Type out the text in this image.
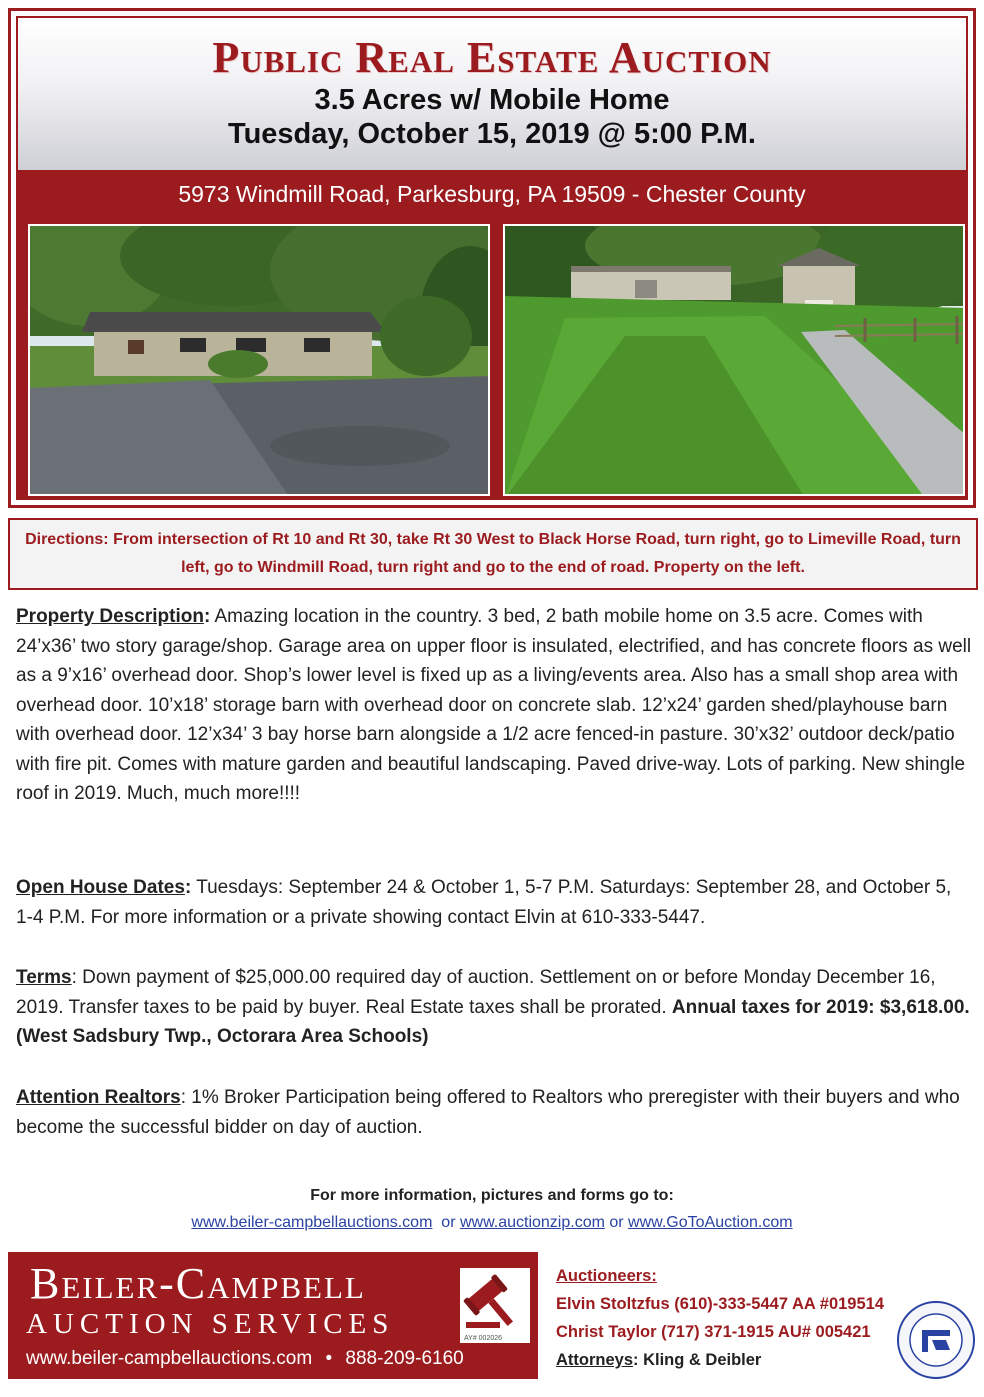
Public Real Estate Auction
3.5 Acres w/ Mobile Home
Tuesday, October 15, 2019 @ 5:00 P.M.
5973 Windmill Road, Parkesburg, PA 19509 - Chester County
Directions: From intersection of Rt 10 and Rt 30, take Rt 30 West to Black Horse Road, turn right, go to Limeville Road, turn left, go to Windmill Road, turn right and go to the end of road. Property on the left.
Property Description: Amazing location in the country. 3 bed, 2 bath mobile home on 3.5 acre. Comes with 24’x36’ two story garage/shop. Garage area on upper floor is insulated, electrified, and has concrete floors as well as a 9’x16’ overhead door. Shop’s lower level is fixed up as a living/events area. Also has a small shop area with overhead door. 10’x18’ storage barn with overhead door on concrete slab. 12’x24’ garden shed/playhouse barn with overhead door. 12’x34’ 3 bay horse barn alongside a 1/2 acre fenced-in pasture. 30’x32’ outdoor deck/patio with fire pit. Comes with mature garden and beautiful landscaping. Paved drive-way. Lots of parking. New shingle roof in 2019. Much, much more!!!!
Open House Dates: Tuesdays: September 24 & October 1, 5-7 P.M. Saturdays: September 28, and October 5, 1-4 P.M. For more information or a private showing contact Elvin at 610-333-5447.
Terms: Down payment of $25,000.00 required day of auction. Settlement on or before Monday December 16, 2019. Transfer taxes to be paid by buyer. Real Estate taxes shall be prorated. Annual taxes for 2019: $3,618.00. (West Sadsbury Twp., Octorara Area Schools)
Attention Realtors: 1% Broker Participation being offered to Realtors who preregister with their buyers and who become the successful bidder on day of auction.
For more information, pictures and forms go to:
www.beiler-campbellauctions.com  or www.auctionzip.com or www.GoToAuction.com
Beiler-Campbell
AUCTION SERVICES
www.beiler-campbellauctions.com • 888-209-6160
AY# 002026
Auctioneers:
Elvin Stoltzfus (610)-333-5447 AA #019514
Christ Taylor (717) 371-1915 AU# 005421
Attorneys: Kling & Deibler
